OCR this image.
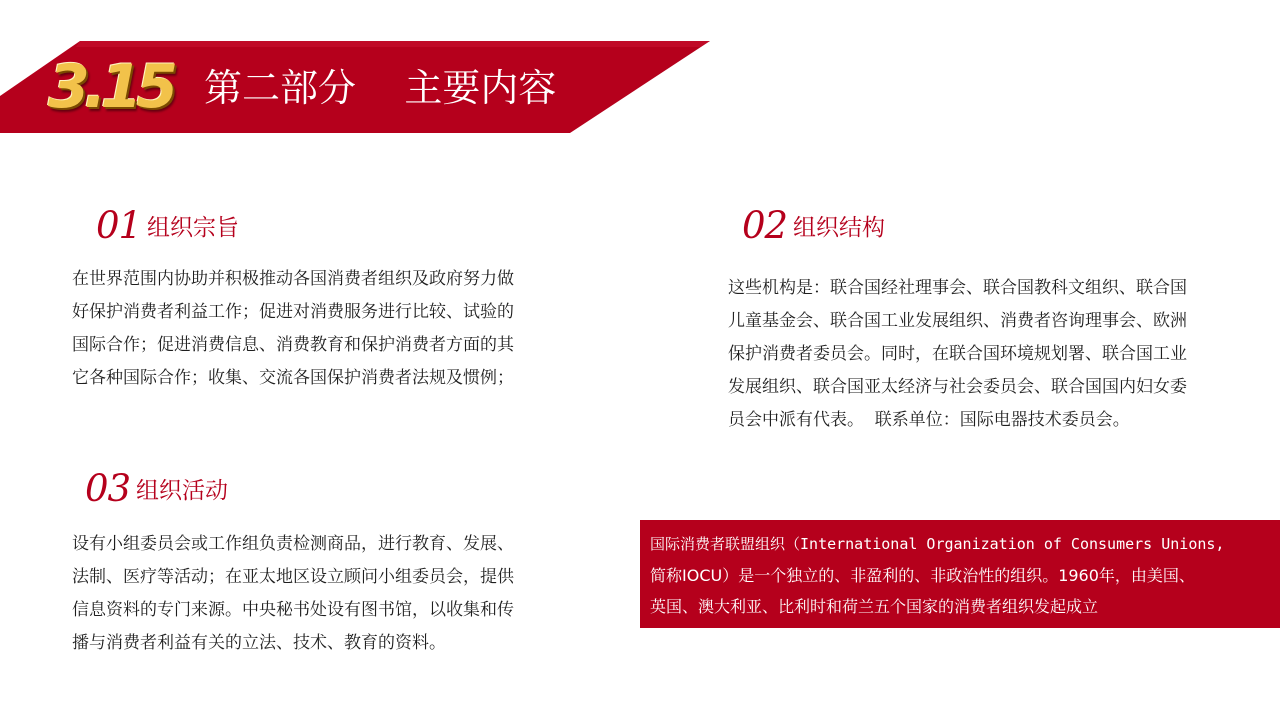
3.15 第二部分    主要内容
01 组织宗旨
在世界范围内协助并积极推动各国消费者组织及政府努力做
好保护消费者利益工作；促进对消费服务进行比较、试验的
国际合作；促进消费信息、消费教育和保护消费者方面的其
它各种国际合作；收集、交流各国保护消费者法规及惯例；
02 组织结构
这些机构是：联合国经社理事会、联合国教科文组织、联合国
儿童基金会、联合国工业发展组织、消费者咨询理事会、欧洲
保护消费者委员会。同时，在联合国环境规划署、联合国工业
发展组织、联合国亚太经济与社会委员会、联合国国内妇女委
员会中派有代表。  联系单位：国际电器技术委员会。
03 组织活动
设有小组委员会或工作组负责检测商品，进行教育、发展、
法制、医疗等活动；在亚太地区设立顾问小组委员会，提供
信息资料的专门来源。中央秘书处设有图书馆，以收集和传
播与消费者利益有关的立法、技术、教育的资料。
国际消费者联盟组织（International Organization of Consumers Unions,
简称IOCU）是一个独立的、非盈利的、非政治性的组织。1960年，由美国、
英国、澳大利亚、比利时和荷兰五个国家的消费者组织发起成立
